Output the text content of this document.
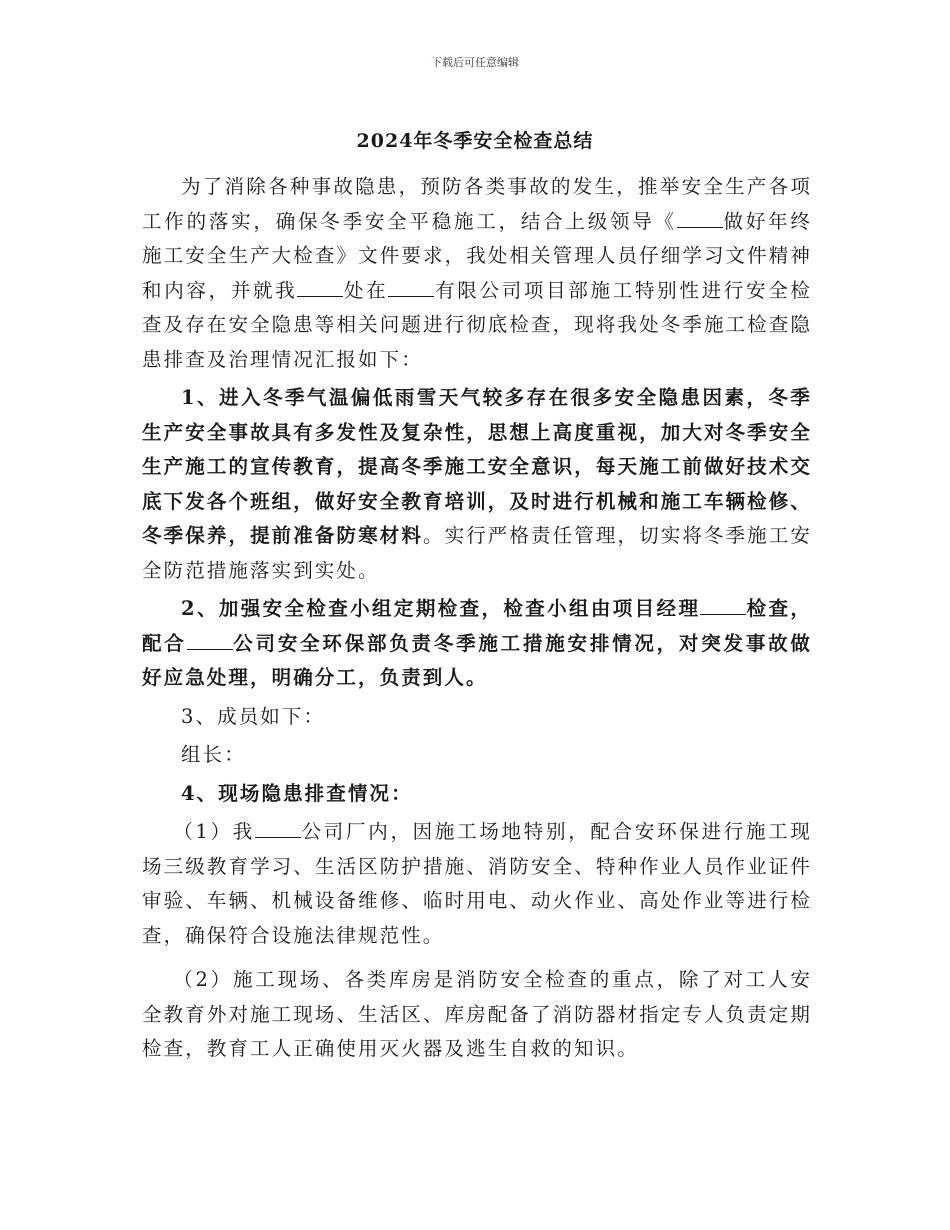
下载后可任意编辑
2024年冬季安全检查总结

为了消除各种事故隐患，预防各类事故的发生，推举安全生产各项工作的落实，确保冬季安全平稳施工，结合上级领导《 做好年终施工安全生产大检查》文件要求，我处相关管理人员仔细学习文件精神和内容，并就我 处在 有限公司项目部施工特别性进行安全检查及存在安全隐患等相关问题进行彻底检查，现将我处冬季施工检查隐患排查及治理情况汇报如下：

1、进入冬季气温偏低雨雪天气较多存在很多安全隐患因素，冬季生产安全事故具有多发性及复杂性，思想上高度重视，加大对冬季安全生产施工的宣传教育，提高冬季施工安全意识，每天施工前做好技术交底下发各个班组，做好安全教育培训，及时进行机械和施工车辆检修、冬季保养，提前准备防寒材料。实行严格责任管理，切实将冬季施工安全防范措施落实到实处。

2、加强安全检查小组定期检查，检查小组由项目经理 检查，配合 公司安全环保部负责冬季施工措施安排情况，对突发事故做好应急处理，明确分工，负责到人。

3、成员如下：

组长：

4、现场隐患排查情况：

（1）我 公司厂内，因施工场地特别，配合安环保进行施工现场三级教育学习、生活区防护措施、消防安全、特种作业人员作业证件审验、车辆、机械设备维修、临时用电、动火作业、高处作业等进行检查，确保符合设施法律规范性。

（2）施工现场、各类库房是消防安全检查的重点，除了对工人安全教育外对施工现场、生活区、库房配备了消防器材指定专人负责定期检查，教育工人正确使用灭火器及逃生自救的知识。
